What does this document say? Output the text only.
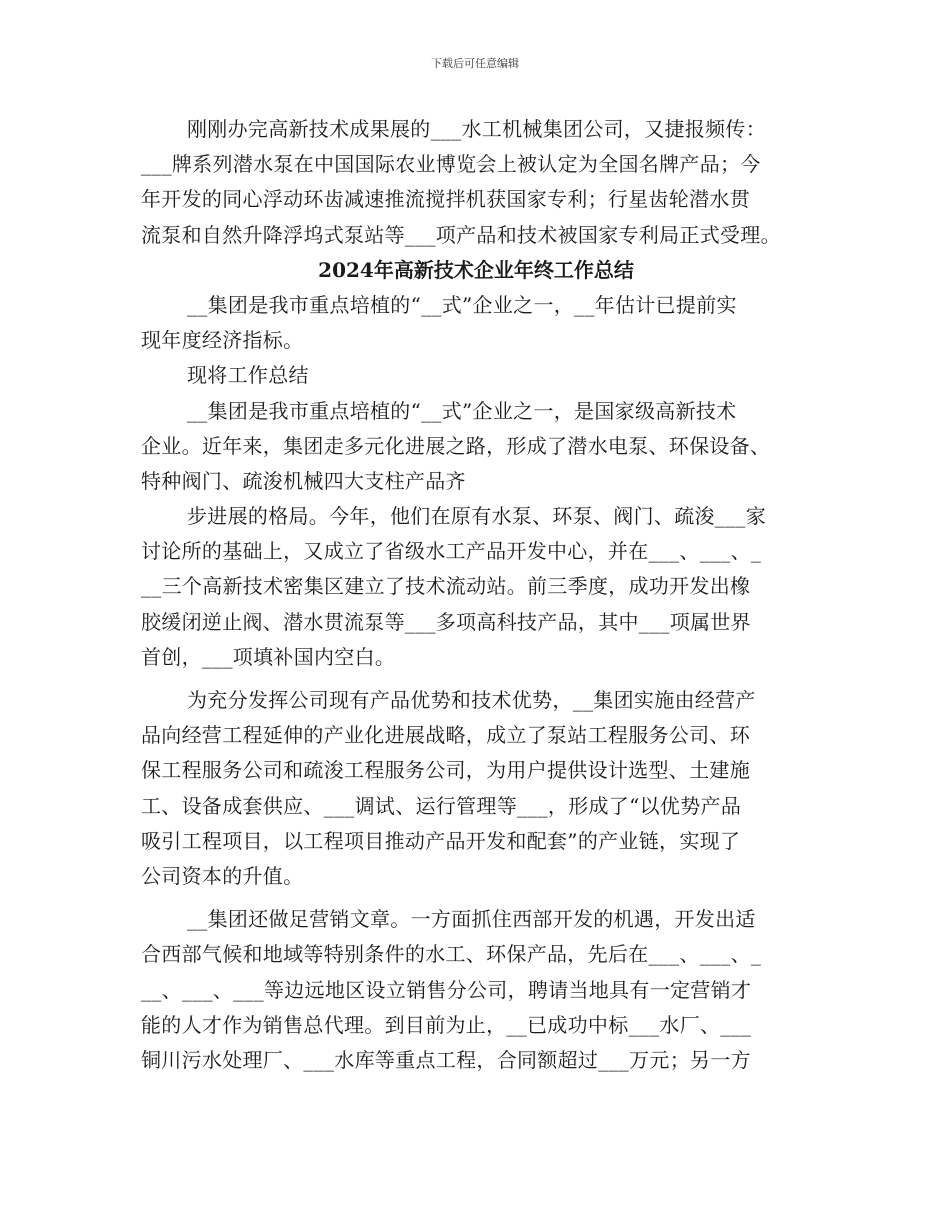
下载后可任意编辑
刚刚办完高新技术成果展的___水工机械集团公司，又捷报频传：
___牌系列潜水泵在中国国际农业博览会上被认定为全国名牌产品；今
年开发的同心浮动环齿减速推流搅拌机获国家专利；行星齿轮潜水贯
流泵和自然升降浮坞式泵站等___项产品和技术被国家专利局正式受理。
2024年高新技术企业年终工作总结
__集团是我市重点培植的“__式”企业之一，__年估计已提前实
现年度经济指标。
现将工作总结
__集团是我市重点培植的“__式”企业之一，是国家级高新技术
企业。近年来，集团走多元化进展之路，形成了潜水电泵、环保设备、
特种阀门、疏浚机械四大支柱产品齐
步进展的格局。今年，他们在原有水泵、环泵、阀门、疏浚___家
讨论所的基础上，又成立了省级水工产品开发中心，并在___、___、_
__三个高新技术密集区建立了技术流动站。前三季度，成功开发出橡
胶缓闭逆止阀、潜水贯流泵等___多项高科技产品，其中___项属世界
首创，___项填补国内空白。
为充分发挥公司现有产品优势和技术优势，__集团实施由经营产
品向经营工程延伸的产业化进展战略，成立了泵站工程服务公司、环
保工程服务公司和疏浚工程服务公司，为用户提供设计选型、土建施
工、设备成套供应、___调试、运行管理等___，形成了“以优势产品
吸引工程项目，以工程项目推动产品开发和配套”的产业链，实现了
公司资本的升值。
__集团还做足营销文章。一方面抓住西部开发的机遇，开发出适
合西部气候和地域等特别条件的水工、环保产品，先后在___、___、_
__、___、___等边远地区设立销售分公司，聘请当地具有一定营销才
能的人才作为销售总代理。到目前为止，__已成功中标___水厂、___
铜川污水处理厂、___水库等重点工程，合同额超过___万元；另一方
